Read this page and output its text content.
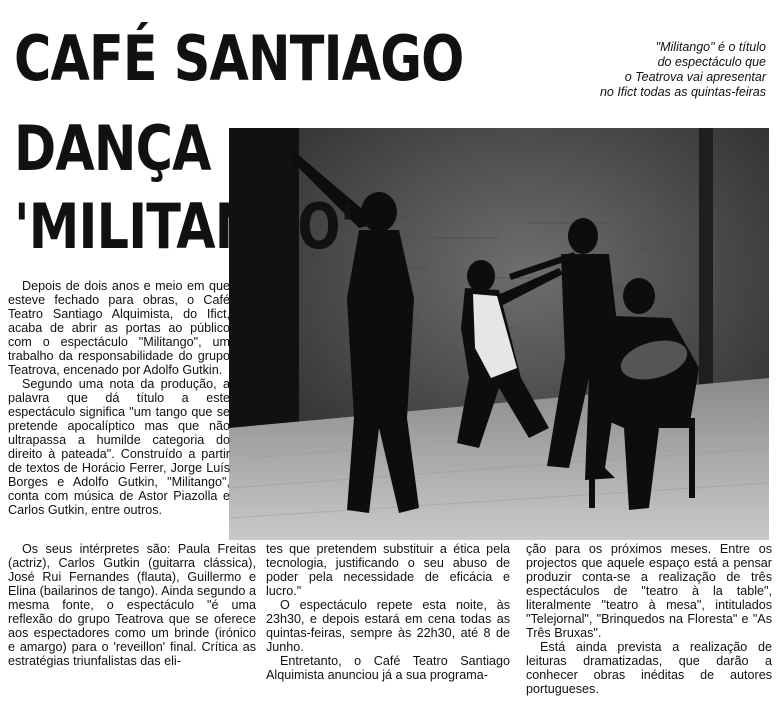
CAFÉ SANTIAGO
DANÇA
'MILITANGO'
"Militango" é o título
do espectáculo que
o Teatrova vai apresentar
no Ifict todas as quintas-feiras

Depois de dois anos e meio em que esteve fechado para obras, o Café Teatro Santiago Alquimista, do Ifict, acaba de abrir as portas ao público com o espectáculo "Militango", um trabalho da responsabilidade do grupo Teatrova, encenado por Adolfo Gutkin.

Segundo uma nota da produção, a palavra que dá título a este espectáculo significa "um tango que se pretende apocalíptico mas que não ultrapassa a humilde categoria do direito à pateada". Construído a partir de textos de Horácio Ferrer, Jorge Luís Borges e Adolfo Gutkin, "Militango", conta com música de Astor Piazolla e Carlos Gutkin, entre outros.

Os seus intérpretes são: Paula Freitas (actriz), Carlos Gutkin (guitarra clássica), José Rui Fernandes (flauta), Guillermo e Elina (bailarinos de tango). Ainda segundo a mesma fonte, o espectáculo "é uma reflexão do grupo Teatrova que se oferece aos espectadores como um brinde (irónico e amargo) para o 'reveillon' final. Crítica as estratégias triunfalistas das eli-

tes que pretendem substituir a ética pela tecnologia, justificando o seu abuso de poder pela necessidade de eficácia e lucro."

O espectáculo repete esta noite, às 23h30, e depois estará em cena todas as quintas-feiras, sempre às 22h30, até 8 de Junho.

Entretanto, o Café Teatro Santiago Alquimista anunciou já a sua programa-

ção para os próximos meses. Entre os projectos que aquele espaço está a pensar produzir conta-se a realização de três espectáculos de "teatro à la table", literalmente "teatro à mesa", intitulados "Telejornal", "Brinquedos na Floresta" e "As Três Bruxas".

Está ainda prevista a realização de leituras dramatizadas, que darão a conhecer obras inéditas de autores portugueses.
